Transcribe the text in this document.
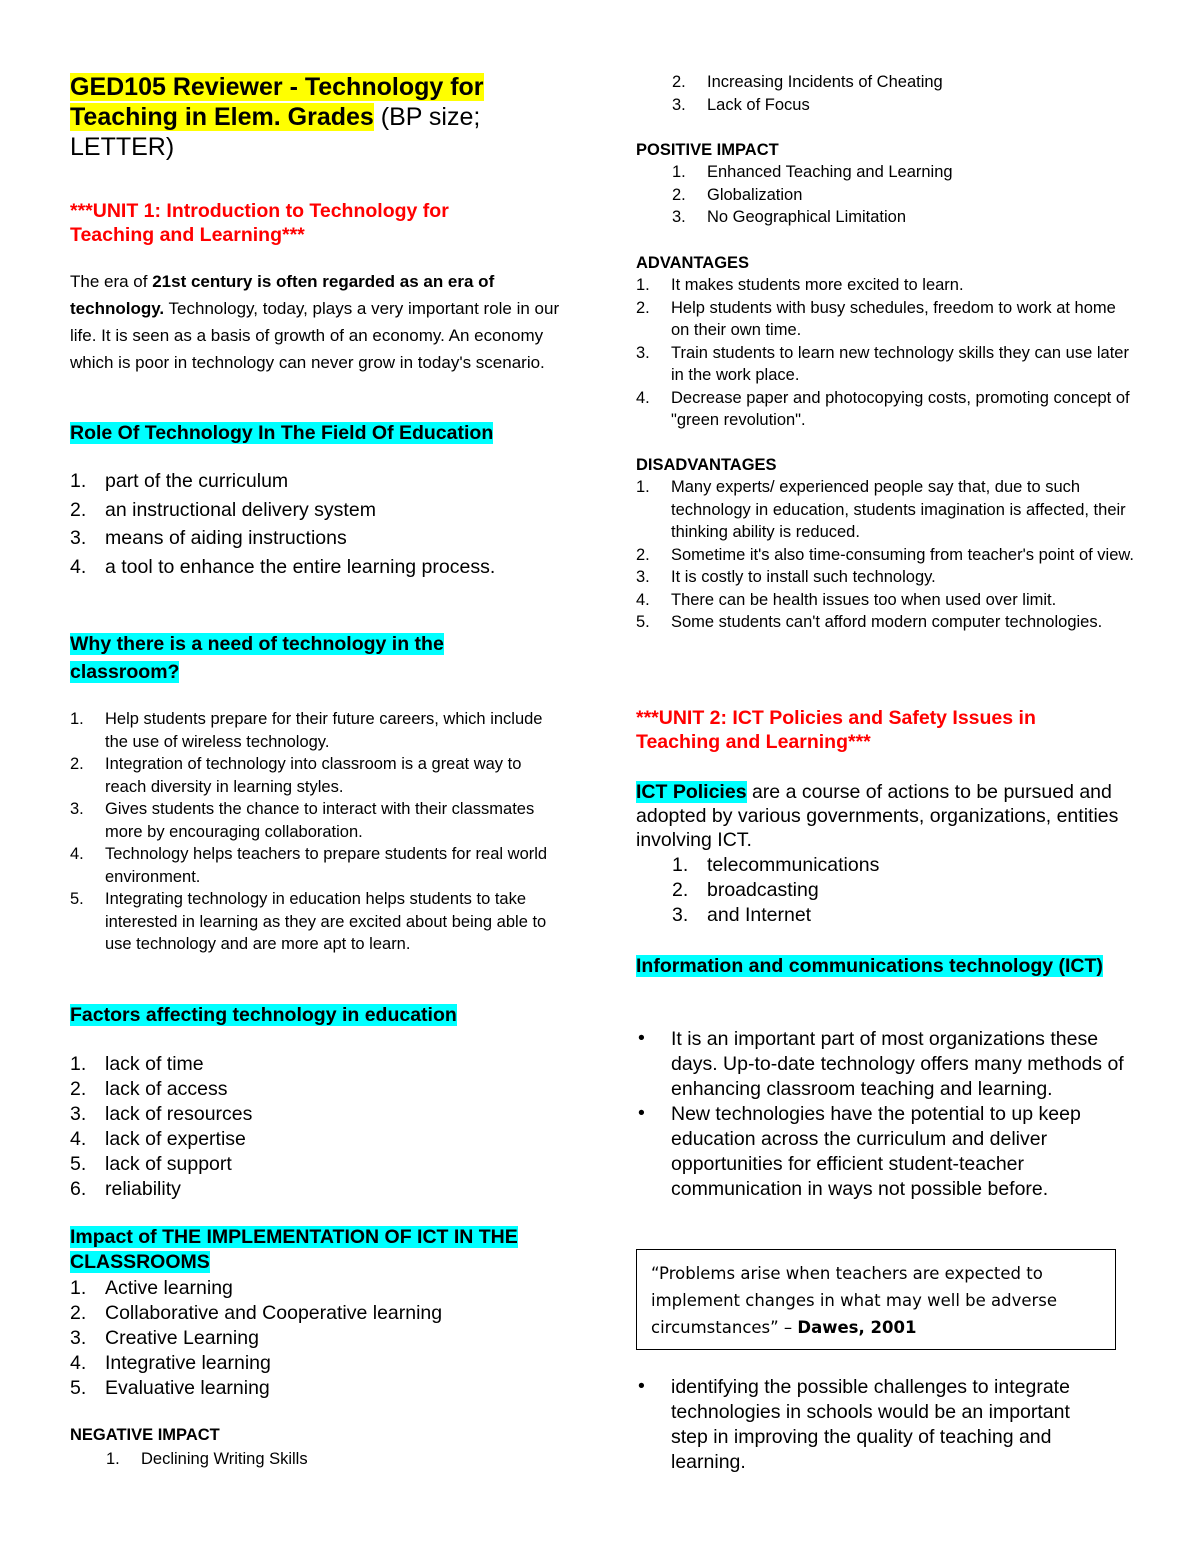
GED105 Reviewer - Technology for Teaching in Elem. Grades (BP size; LETTER)
***UNIT 1: Introduction to Technology for Teaching and Learning***
The era of 21st century is often regarded as an era of technology. Technology, today, plays a very important role in our life. It is seen as a basis of growth of an economy. An economy which is poor in technology can never grow in today's scenario.
Role Of Technology In The Field Of Education
1. part of the curriculum
2. an instructional delivery system
3. means of aiding instructions
4. a tool to enhance the entire learning process.
Why there is a need of technology in the classroom?
1. Help students prepare for their future careers, which include the use of wireless technology.
2. Integration of technology into classroom is a great way to reach diversity in learning styles.
3. Gives students the chance to interact with their classmates more by encouraging collaboration.
4. Technology helps teachers to prepare students for real world environment.
5. Integrating technology in education helps students to take interested in learning as they are excited about being able to use technology and are more apt to learn.
Factors affecting technology in education
1. lack of time
2. lack of access
3. lack of resources
4. lack of expertise
5. lack of support
6. reliability
Impact of THE IMPLEMENTATION OF ICT IN THE CLASSROOMS
1. Active learning
2. Collaborative and Cooperative learning
3. Creative Learning
4. Integrative learning
5. Evaluative learning
NEGATIVE IMPACT
1. Declining Writing Skills
2. Increasing Incidents of Cheating
3. Lack of Focus
POSITIVE IMPACT
1. Enhanced Teaching and Learning
2. Globalization
3. No Geographical Limitation
ADVANTAGES
1. It makes students more excited to learn.
2. Help students with busy schedules, freedom to work at home on their own time.
3. Train students to learn new technology skills they can use later in the work place.
4. Decrease paper and photocopying costs, promoting concept of "green revolution".
DISADVANTAGES
1. Many experts/ experienced people say that, due to such technology in education, students imagination is affected, their thinking ability is reduced.
2. Sometime it's also time-consuming from teacher's point of view.
3. It is costly to install such technology.
4. There can be health issues too when used over limit.
5. Some students can't afford modern computer technologies.
***UNIT 2: ICT Policies and Safety Issues in Teaching and Learning***
ICT Policies are a course of actions to be pursued and adopted by various governments, organizations, entities involving ICT.
1. telecommunications
2. broadcasting
3. and Internet
Information and communications technology (ICT)
• It is an important part of most organizations these days. Up-to-date technology offers many methods of enhancing classroom teaching and learning.
• New technologies have the potential to up keep education across the curriculum and deliver opportunities for efficient student-teacher communication in ways not possible before.
“Problems arise when teachers are expected to implement changes in what may well be adverse circumstances” – Dawes, 2001
• identifying the possible challenges to integrate technologies in schools would be an important step in improving the quality of teaching and learning.
